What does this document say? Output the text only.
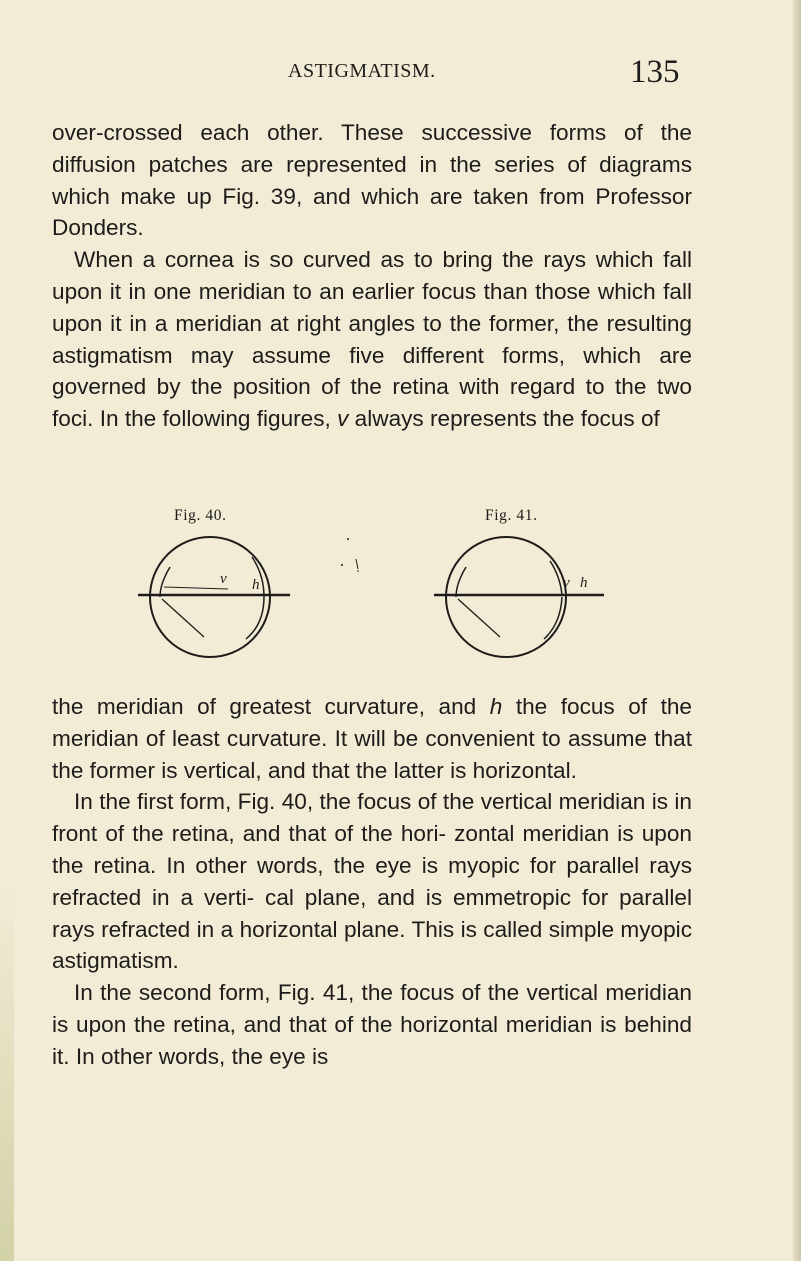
ASTIGMATISM.	135

over-crossed each other. These successive forms of the diffusion patches are represented in the series of diagrams which make up Fig. 39, and which are taken from Professor Donders.

When a cornea is so curved as to bring the rays which fall upon it in one meridian to an earlier focus than those which fall upon it in a meridian at right angles to the former, the resulting astigmatism may assume five different forms, which are governed by the position of the retina with regard to the two foci. In the following figures, v always represents the focus of

Fig. 40.	Fig. 41.
v h	v h

the meridian of greatest curvature, and h the focus of the meridian of least curvature. It will be convenient to assume that the former is vertical, and that the latter is horizontal.

In the first form, Fig. 40, the focus of the vertical meridian is in front of the retina, and that of the hori- zontal meridian is upon the retina. In other words, the eye is myopic for parallel rays refracted in a verti- cal plane, and is emmetropic for parallel rays refracted in a horizontal plane. This is called simple myopic astigmatism.

In the second form, Fig. 41, the focus of the vertical meridian is upon the retina, and that of the horizontal meridian is behind it. In other words, the eye is
